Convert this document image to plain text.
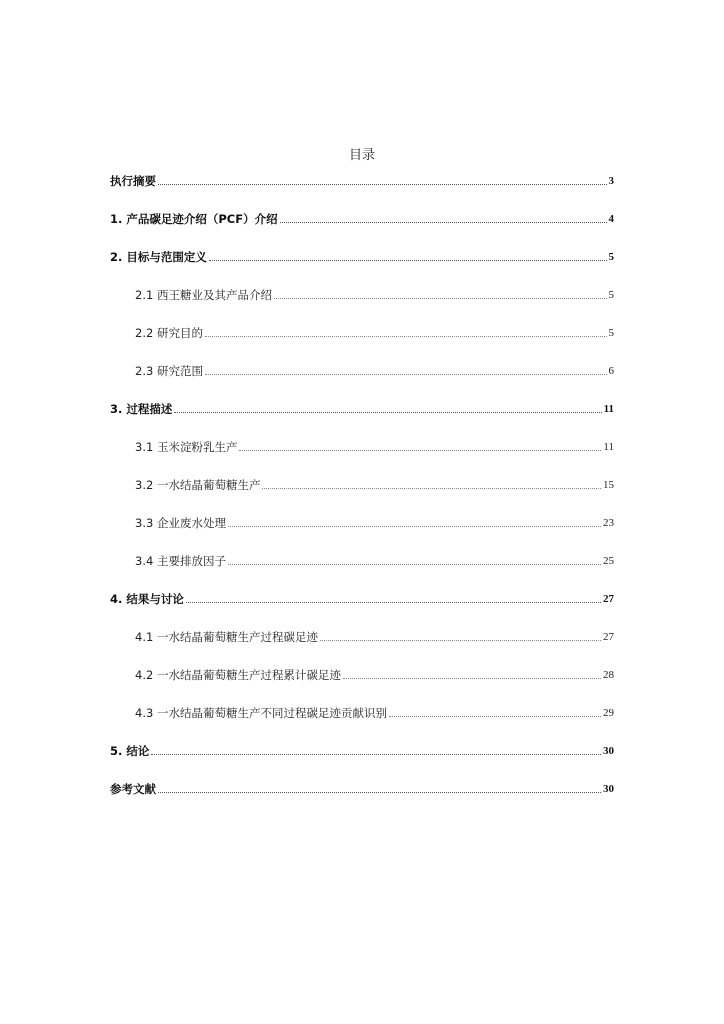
目录
执行摘要	3
1. 产品碳足迹介绍（PCF）介绍	4
2. 目标与范围定义	5
2.1 西王糖业及其产品介绍	5
2.2 研究目的	5
2.3 研究范围	6
3. 过程描述	11
3.1 玉米淀粉乳生产	11
3.2 一水结晶葡萄糖生产	15
3.3 企业废水处理	23
3.4 主要排放因子	25
4. 结果与讨论	27
4.1 一水结晶葡萄糖生产过程碳足迹	27
4.2 一水结晶葡萄糖生产过程累计碳足迹	28
4.3 一水结晶葡萄糖生产不同过程碳足迹贡献识别	29
5. 结论	30
参考文献	30
